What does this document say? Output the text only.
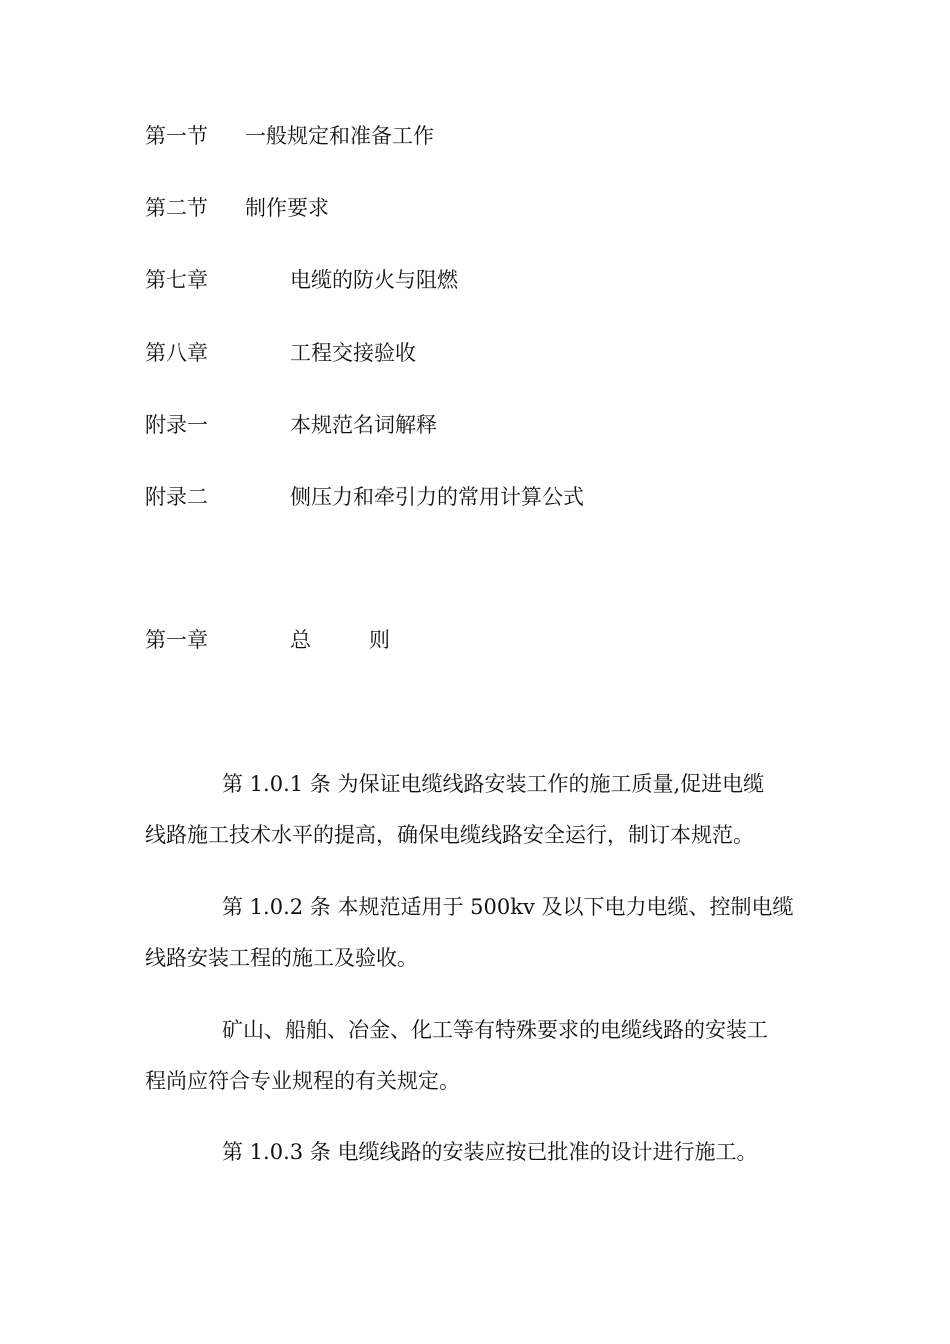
第一节 一般规定和准备工作
第二节 制作要求
第七章	电缆的防火与阻燃
第八章	工程交接验收
附录一	本规范名词解释
附录二	侧压力和牵引力的常用计算公式
第一章	总	则
第 1.0.1 条 为保证电缆线路安装工作的施工质量,促进电缆
线路施工技术水平的提高，确保电缆线路安全运行，制订本规范。
第 1.0.2 条 本规范适用于 500kv 及以下电力电缆、控制电缆
线路安装工程的施工及验收。
矿山、船舶、冶金、化工等有特殊要求的电缆线路的安装工
程尚应符合专业规程的有关规定。
第 1.0.3 条 电缆线路的安装应按已批准的设计进行施工。
